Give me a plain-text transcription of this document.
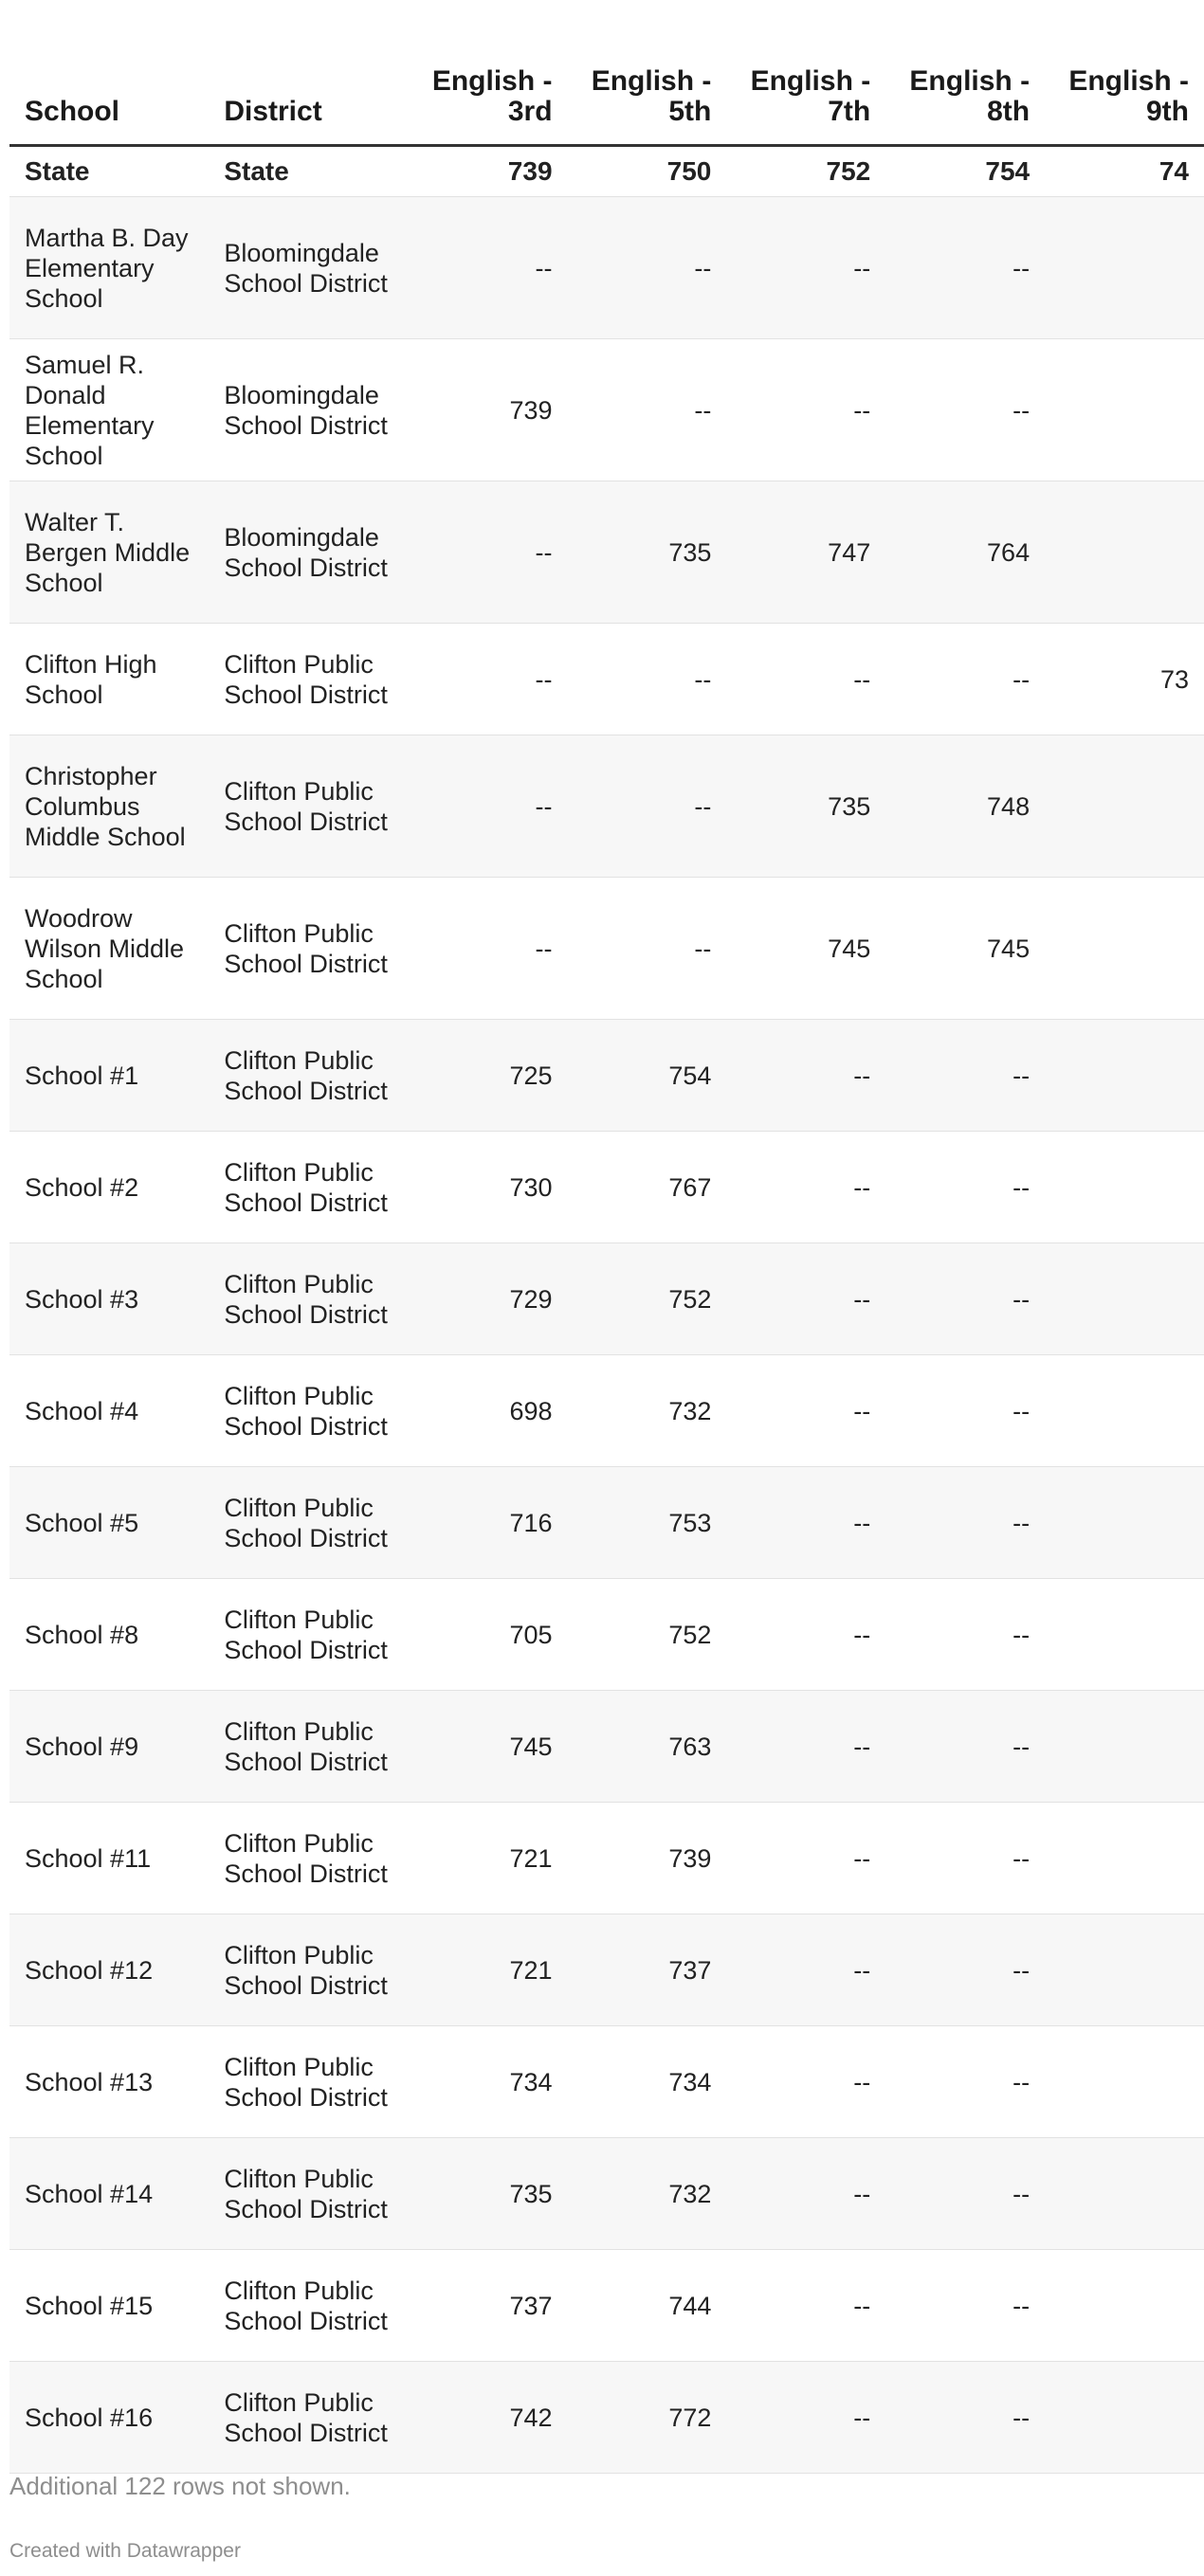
School	District	English - 3rd	English - 5th	English - 7th	English - 8th	English - 9th
State	State	739	750	752	754	74
Martha B. Day Elementary School	Bloomingdale School District	--	--	--	--	
Samuel R. Donald Elementary School	Bloomingdale School District	739	--	--	--	
Walter T. Bergen Middle School	Bloomingdale School District	--	735	747	764	
Clifton High School	Clifton Public School District	--	--	--	--	73
Christopher Columbus Middle School	Clifton Public School District	--	--	735	748	
Woodrow Wilson Middle School	Clifton Public School District	--	--	745	745	
School #1	Clifton Public School District	725	754	--	--	
School #2	Clifton Public School District	730	767	--	--	
School #3	Clifton Public School District	729	752	--	--	
School #4	Clifton Public School District	698	732	--	--	
School #5	Clifton Public School District	716	753	--	--	
School #8	Clifton Public School District	705	752	--	--	
School #9	Clifton Public School District	745	763	--	--	
School #11	Clifton Public School District	721	739	--	--	
School #12	Clifton Public School District	721	737	--	--	
School #13	Clifton Public School District	734	734	--	--	
School #14	Clifton Public School District	735	732	--	--	
School #15	Clifton Public School District	737	744	--	--	
School #16	Clifton Public School District	742	772	--	--	
Additional 122 rows not shown.
Created with Datawrapper
